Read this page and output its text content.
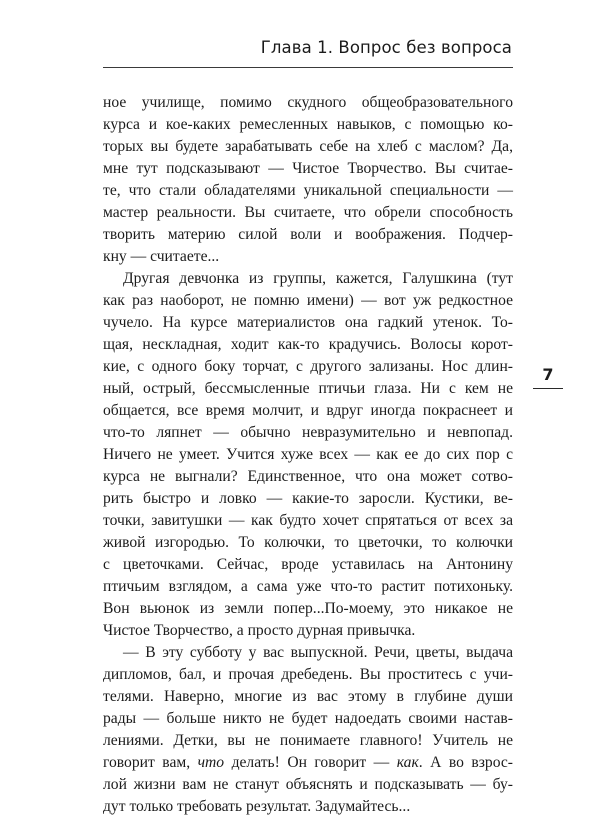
Глава 1. Вопрос без вопроса
ное училище, помимо скудного общеобразовательного
курса и кое-каких ремесленных навыков, с помощью ко-
торых вы будете зарабатывать себе на хлеб с маслом? Да,
мне тут подсказывают — Чистое Творчество. Вы считае-
те, что стали обладателями уникальной специальности —
мастер реальности. Вы считаете, что обрели способность
творить материю силой воли и воображения. Подчер-
кну — считаете...
Другая девчонка из группы, кажется, Галушкина (тут
как раз наоборот, не помню имени) — вот уж редкостное
чучело. На курсе материалистов она гадкий утенок. То-
щая, нескладная, ходит как-то крадучись. Волосы корот-
кие, с одного боку торчат, с другого зализаны. Нос длин-
ный, острый, бессмысленные птичьи глаза. Ни с кем не
общается, все время молчит, и вдруг иногда покраснеет и
что-то ляпнет — обычно невразумительно и невпопад.
Ничего не умеет. Учится хуже всех — как ее до сих пор с
курса не выгнали? Единственное, что она может сотво-
рить быстро и ловко — какие-то заросли. Кустики, ве-
точки, завитушки — как будто хочет спрятаться от всех за
живой изгородью. То колючки, то цветочки, то колючки
с цветочками. Сейчас, вроде уставилась на Антонину
птичьим взглядом, а сама уже что-то растит потихоньку.
Вон вьюнок из земли попер...По-моему, это никакое не
Чистое Творчество, а просто дурная привычка.
— В эту субботу у вас выпускной. Речи, цветы, выдача
дипломов, бал, и прочая дребедень. Вы проститесь с учи-
телями. Наверно, многие из вас этому в глубине души
рады — больше никто не будет надоедать своими настав-
лениями. Детки, вы не понимаете главного! Учитель не
говорит вам, что делать! Он говорит — как. А во взрос-
лой жизни вам не станут объяснять и подсказывать — бу-
дут только требовать результат. Задумайтесь...
7
